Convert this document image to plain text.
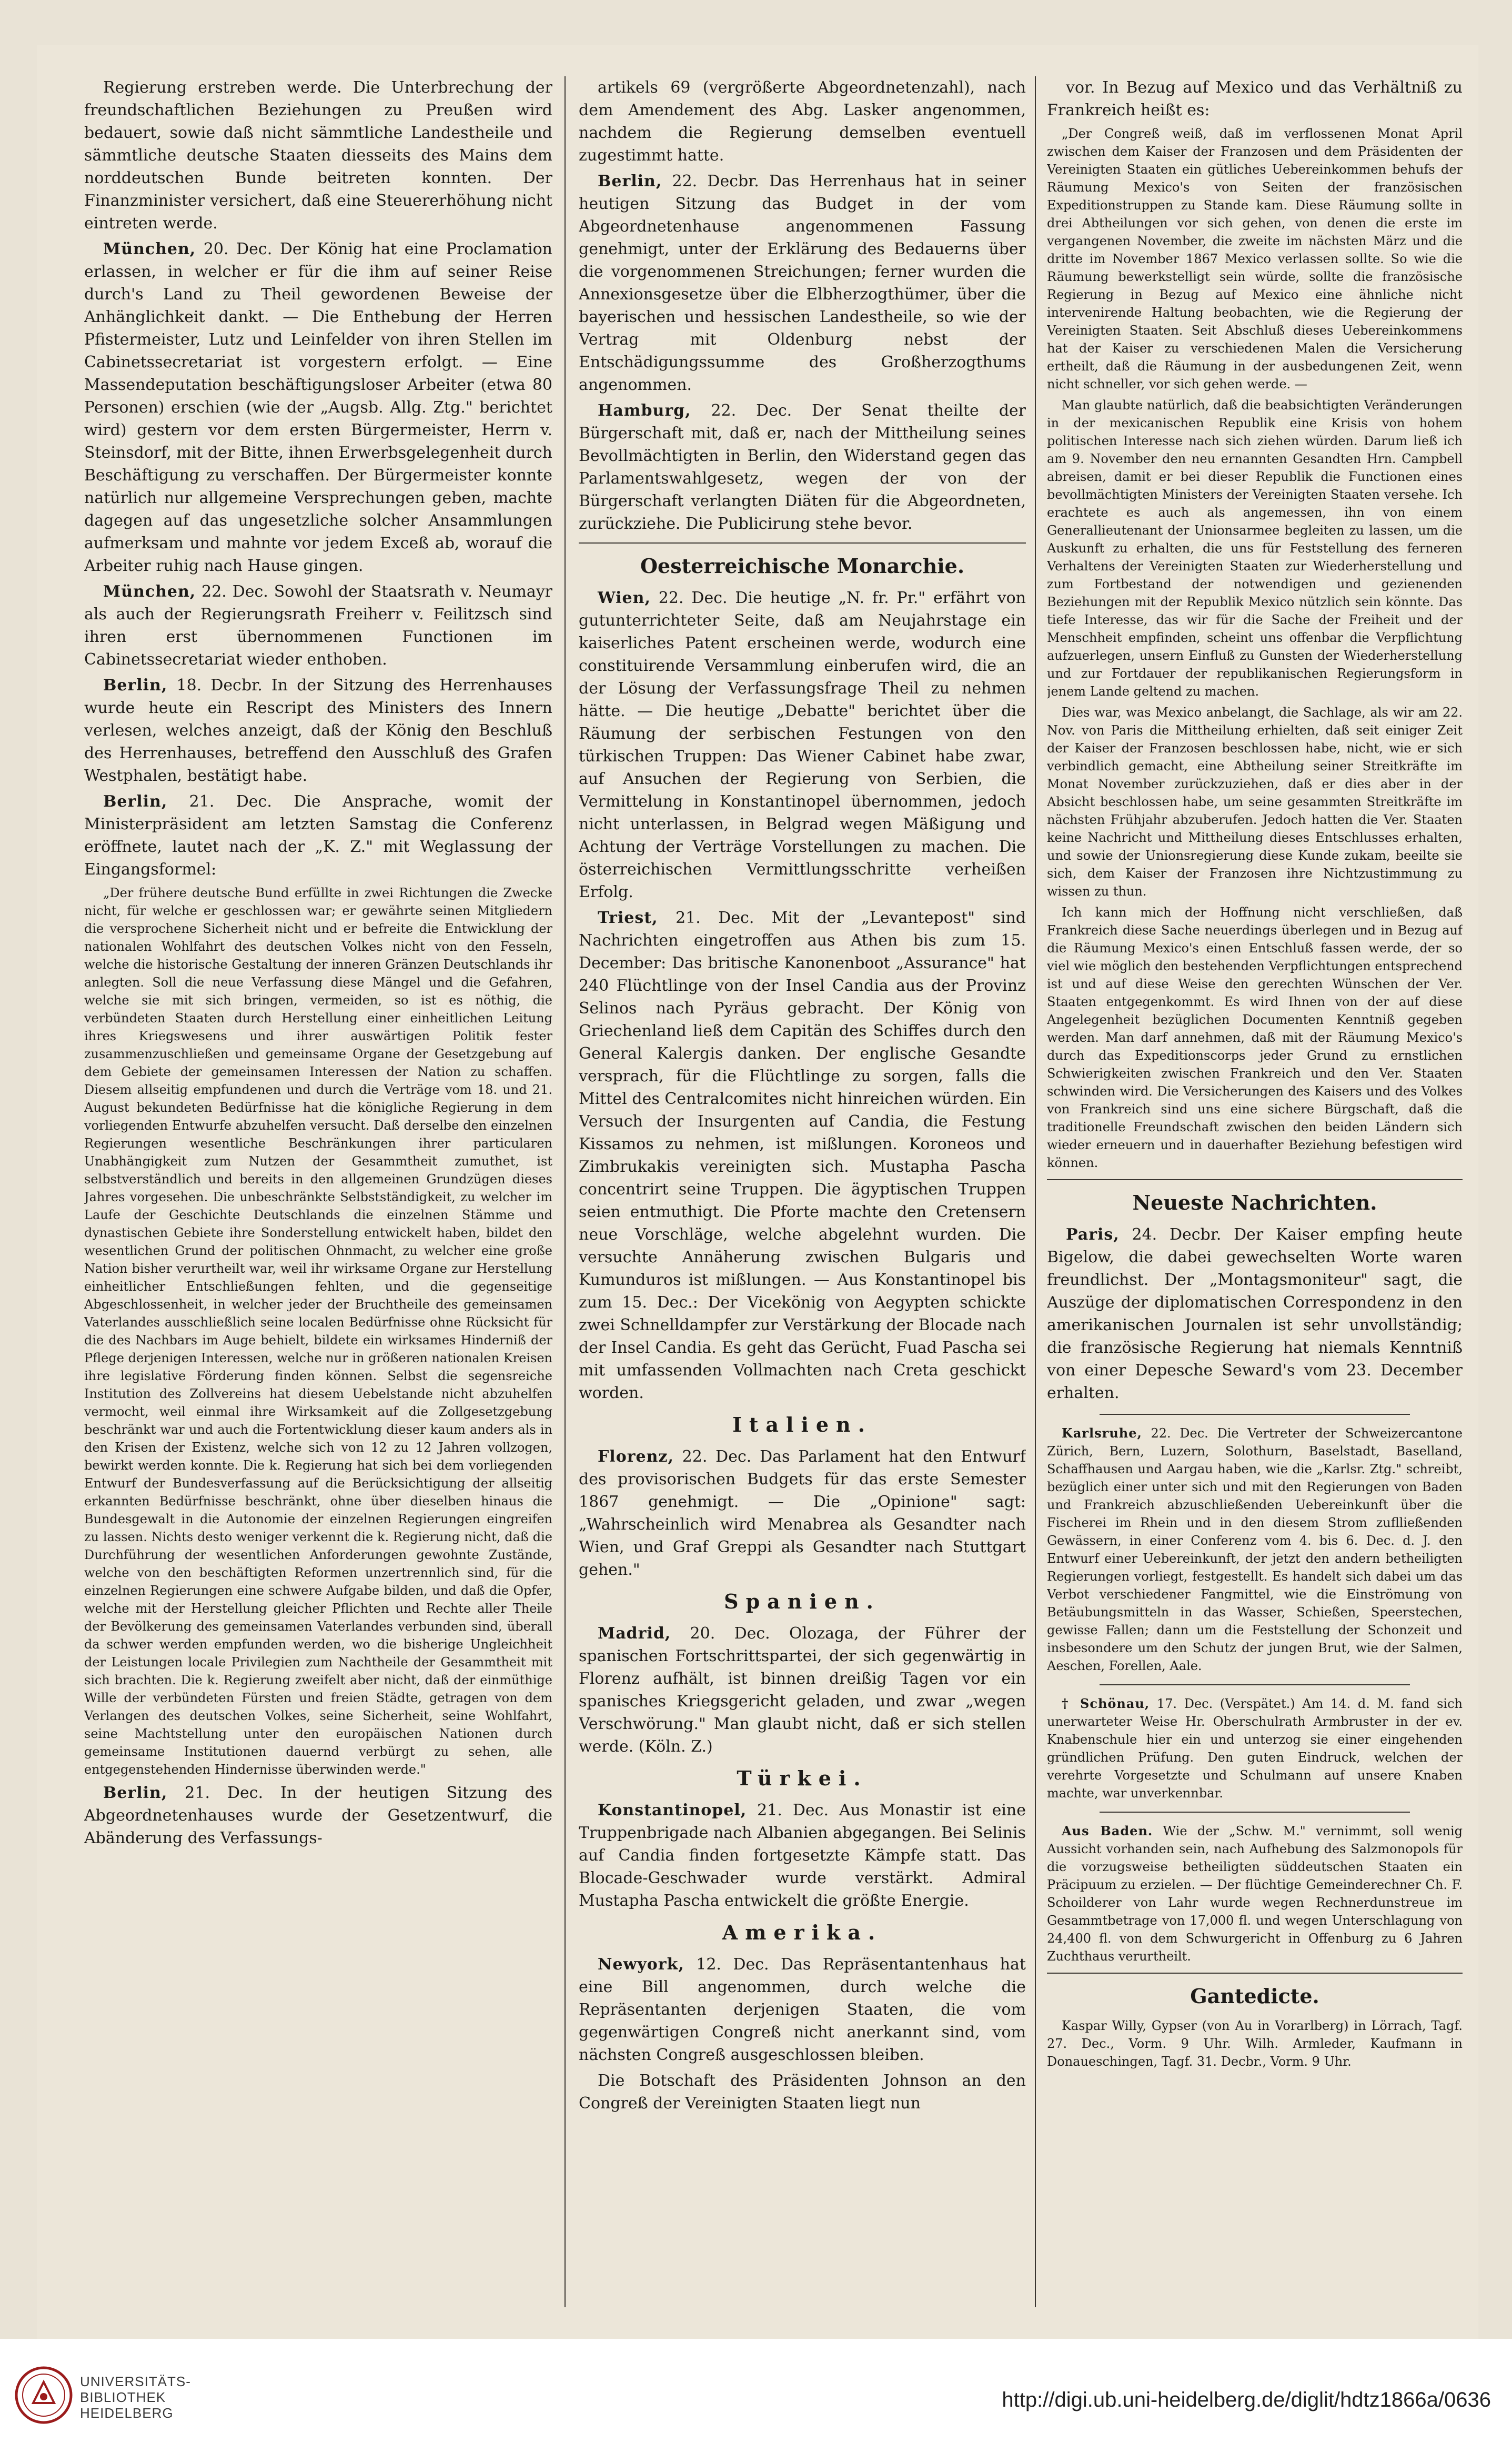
Regierung erstreben werde. Die Unterbrechung der freundschaftlichen Beziehungen zu Preußen wird bedauert, sowie daß nicht sämmtliche Landestheile und sämmtliche deutsche Staaten diesseits des Mains dem norddeutschen Bunde beitreten konnten. Der Finanzminister versichert, daß eine Steuererhöhung nicht eintreten werde.

München, 20. Dec. Der König hat eine Proclamation erlassen, in welcher er für die ihm auf seiner Reise durch's Land zu Theil gewordenen Beweise der Anhänglichkeit dankt. — Die Enthebung der Herren Pfistermeister, Lutz und Leinfelder von ihren Stellen im Cabinetssecretariat ist vorgestern erfolgt. — Eine Massendeputation beschäftigungsloser Arbeiter (etwa 80 Personen) erschien (wie der „Augsb. Allg. Ztg." berichtet wird) gestern vor dem ersten Bürgermeister, Herrn v. Steinsdorf, mit der Bitte, ihnen Erwerbsgelegenheit durch Beschäftigung zu verschaffen. Der Bürgermeister konnte natürlich nur allgemeine Versprechungen geben, machte dagegen auf das ungesetzliche solcher Ansammlungen aufmerksam und mahnte vor jedem Exceß ab, worauf die Arbeiter ruhig nach Hause gingen.

München, 22. Dec. Sowohl der Staatsrath v. Neumayr als auch der Regierungsrath Freiherr v. Feilitzsch sind ihren erst übernommenen Functionen im Cabinetssecretariat wieder enthoben.

Berlin, 18. Decbr. In der Sitzung des Herrenhauses wurde heute ein Rescript des Ministers des Innern verlesen, welches anzeigt, daß der König den Beschluß des Herrenhauses, betreffend den Ausschluß des Grafen Westphalen, bestätigt habe.

Berlin, 21. Dec. Die Ansprache, womit der Ministerpräsident am letzten Samstag die Conferenz eröffnete, lautet nach der „K. Z." mit Weglassung der Eingangsformel:

„Der frühere deutsche Bund erfüllte in zwei Richtungen die Zwecke nicht, für welche er geschlossen war; er gewährte seinen Mitgliedern die versprochene Sicherheit nicht und er befreite die Entwicklung der nationalen Wohlfahrt des deutschen Volkes nicht von den Fesseln, welche die historische Gestaltung der inneren Gränzen Deutschlands ihr anlegten. Soll die neue Verfassung diese Mängel und die Gefahren, welche sie mit sich bringen, vermeiden, so ist es nöthig, die verbündeten Staaten durch Herstellung einer einheitlichen Leitung ihres Kriegswesens und ihrer auswärtigen Politik fester zusammenzuschließen und gemeinsame Organe der Gesetzgebung auf dem Gebiete der gemeinsamen Interessen der Nation zu schaffen. Diesem allseitig empfundenen und durch die Verträge vom 18. und 21. August bekundeten Bedürfnisse hat die königliche Regierung in dem vorliegenden Entwurfe abzuhelfen versucht. Daß derselbe den einzelnen Regierungen wesentliche Beschränkungen ihrer particularen Unabhängigkeit zum Nutzen der Gesammtheit zumuthet, ist selbstverständlich und bereits in den allgemeinen Grundzügen dieses Jahres vorgesehen. Die unbeschränkte Selbstständigkeit, zu welcher im Laufe der Geschichte Deutschlands die einzelnen Stämme und dynastischen Gebiete ihre Sonderstellung entwickelt haben, bildet den wesentlichen Grund der politischen Ohnmacht, zu welcher eine große Nation bisher verurtheilt war, weil ihr wirksame Organe zur Herstellung einheitlicher Entschließungen fehlten, und die gegenseitige Abgeschlossenheit, in welcher jeder der Bruchtheile des gemeinsamen Vaterlandes ausschließlich seine localen Bedürfnisse ohne Rücksicht für die des Nachbars im Auge behielt, bildete ein wirksames Hinderniß der Pflege derjenigen Interessen, welche nur in größeren nationalen Kreisen ihre legislative Förderung finden können. Selbst die segensreiche Institution des Zollvereins hat diesem Uebelstande nicht abzuhelfen vermocht, weil einmal ihre Wirksamkeit auf die Zollgesetzgebung beschränkt war und auch die Fortentwicklung dieser kaum anders als in den Krisen der Existenz, welche sich von 12 zu 12 Jahren vollzogen, bewirkt werden konnte. Die k. Regierung hat sich bei dem vorliegenden Entwurf der Bundesverfassung auf die Berücksichtigung der allseitig erkannten Bedürfnisse beschränkt, ohne über dieselben hinaus die Bundesgewalt in die Autonomie der einzelnen Regierungen eingreifen zu lassen. Nichts desto weniger verkennt die k. Regierung nicht, daß die Durchführung der wesentlichen Anforderungen gewohnte Zustände, welche von den beschäftigten Reformen unzertrennlich sind, für die einzelnen Regierungen eine schwere Aufgabe bilden, und daß die Opfer, welche mit der Herstellung gleicher Pflichten und Rechte aller Theile der Bevölkerung des gemeinsamen Vaterlandes verbunden sind, überall da schwer werden empfunden werden, wo die bisherige Ungleichheit der Leistungen locale Privilegien zum Nachtheile der Gesammtheit mit sich brachten. Die k. Regierung zweifelt aber nicht, daß der einmüthige Wille der verbündeten Fürsten und freien Städte, getragen von dem Verlangen des deutschen Volkes, seine Sicherheit, seine Wohlfahrt, seine Machtstellung unter den europäischen Nationen durch gemeinsame Institutionen dauernd verbürgt zu sehen, alle entgegenstehenden Hindernisse überwinden werde."

Berlin, 21. Dec. In der heutigen Sitzung des Abgeordnetenhauses wurde der Gesetzentwurf, die Abänderung des Verfassungs-

artikels 69 (vergrößerte Abgeordnetenzahl), nach dem Amendement des Abg. Lasker angenommen, nachdem die Regierung demselben eventuell zugestimmt hatte.

Berlin, 22. Decbr. Das Herrenhaus hat in seiner heutigen Sitzung das Budget in der vom Abgeordnetenhause angenommenen Fassung genehmigt, unter der Erklärung des Bedauerns über die vorgenommenen Streichungen; ferner wurden die Annexionsgesetze über die Elbherzogthümer, über die bayerischen und hessischen Landestheile, so wie der Vertrag mit Oldenburg nebst der Entschädigungssumme des Großherzogthums angenommen.

Hamburg, 22. Dec. Der Senat theilte der Bürgerschaft mit, daß er, nach der Mittheilung seines Bevollmächtigten in Berlin, den Widerstand gegen das Parlamentswahlgesetz, wegen der von der Bürgerschaft verlangten Diäten für die Abgeordneten, zurückziehe. Die Publicirung stehe bevor.

Oesterreichische Monarchie.

Wien, 22. Dec. Die heutige „N. fr. Pr." erfährt von gutunterrichteter Seite, daß am Neujahrstage ein kaiserliches Patent erscheinen werde, wodurch eine constituirende Versammlung einberufen wird, die an der Lösung der Verfassungsfrage Theil zu nehmen hätte. — Die heutige „Debatte" berichtet über die Räumung der serbischen Festungen von den türkischen Truppen: Das Wiener Cabinet habe zwar, auf Ansuchen der Regierung von Serbien, die Vermittelung in Konstantinopel übernommen, jedoch nicht unterlassen, in Belgrad wegen Mäßigung und Achtung der Verträge Vorstellungen zu machen. Die österreichischen Vermittlungsschritte verheißen Erfolg.

Triest, 21. Dec. Mit der „Levantepost" sind Nachrichten eingetroffen aus Athen bis zum 15. December: Das britische Kanonenboot „Assurance" hat 240 Flüchtlinge von der Insel Candia aus der Provinz Selinos nach Pyräus gebracht. Der König von Griechenland ließ dem Capitän des Schiffes durch den General Kalergis danken. Der englische Gesandte versprach, für die Flüchtlinge zu sorgen, falls die Mittel des Centralcomites nicht hinreichen würden. Ein Versuch der Insurgenten auf Candia, die Festung Kissamos zu nehmen, ist mißlungen. Koroneos und Zimbrukakis vereinigten sich. Mustapha Pascha concentrirt seine Truppen. Die ägyptischen Truppen seien entmuthigt. Die Pforte machte den Cretensern neue Vorschläge, welche abgelehnt wurden. Die versuchte Annäherung zwischen Bulgaris und Kumunduros ist mißlungen. — Aus Konstantinopel bis zum 15. Dec.: Der Vicekönig von Aegypten schickte zwei Schnelldampfer zur Verstärkung der Blocade nach der Insel Candia. Es geht das Gerücht, Fuad Pascha sei mit umfassenden Vollmachten nach Creta geschickt worden.

Italien.

Florenz, 22. Dec. Das Parlament hat den Entwurf des provisorischen Budgets für das erste Semester 1867 genehmigt. — Die „Opinione" sagt: „Wahrscheinlich wird Menabrea als Gesandter nach Wien, und Graf Greppi als Gesandter nach Stuttgart gehen."

Spanien.

Madrid, 20. Dec. Olozaga, der Führer der spanischen Fortschrittspartei, der sich gegenwärtig in Florenz aufhält, ist binnen dreißig Tagen vor ein spanisches Kriegsgericht geladen, und zwar „wegen Verschwörung." Man glaubt nicht, daß er sich stellen werde. (Köln. Z.)

Türkei.

Konstantinopel, 21. Dec. Aus Monastir ist eine Truppenbrigade nach Albanien abgegangen. Bei Selinis auf Candia finden fortgesetzte Kämpfe statt. Das Blocade-Geschwader wurde verstärkt. Admiral Mustapha Pascha entwickelt die größte Energie.

Amerika.

Newyork, 12. Dec. Das Repräsentantenhaus hat eine Bill angenommen, durch welche die Repräsentanten derjenigen Staaten, die vom gegenwärtigen Congreß nicht anerkannt sind, vom nächsten Congreß ausgeschlossen bleiben.

Die Botschaft des Präsidenten Johnson an den Congreß der Vereinigten Staaten liegt nun

vor. In Bezug auf Mexico und das Verhältniß zu Frankreich heißt es:

„Der Congreß weiß, daß im verflossenen Monat April zwischen dem Kaiser der Franzosen und dem Präsidenten der Vereinigten Staaten ein gütliches Uebereinkommen behufs der Räumung Mexico's von Seiten der französischen Expeditionstruppen zu Stande kam. Diese Räumung sollte in drei Abtheilungen vor sich gehen, von denen die erste im vergangenen November, die zweite im nächsten März und die dritte im November 1867 Mexico verlassen sollte. So wie die Räumung bewerkstelligt sein würde, sollte die französische Regierung in Bezug auf Mexico eine ähnliche nicht intervenirende Haltung beobachten, wie die Regierung der Vereinigten Staaten. Seit Abschluß dieses Uebereinkommens hat der Kaiser zu verschiedenen Malen die Versicherung ertheilt, daß die Räumung in der ausbedungenen Zeit, wenn nicht schneller, vor sich gehen werde. —

Man glaubte natürlich, daß die beabsichtigten Veränderungen in der mexicanischen Republik eine Krisis von hohem politischen Interesse nach sich ziehen würden. Darum ließ ich am 9. November den neu ernannten Gesandten Hrn. Campbell abreisen, damit er bei dieser Republik die Functionen eines bevollmächtigten Ministers der Vereinigten Staaten versehe. Ich erachtete es auch als angemessen, ihn von einem Generallieutenant der Unionsarmee begleiten zu lassen, um die Auskunft zu erhalten, die uns für Feststellung des ferneren Verhaltens der Vereinigten Staaten zur Wiederherstellung und zum Fortbestand der notwendigen und gezienenden Beziehungen mit der Republik Mexico nützlich sein könnte. Das tiefe Interesse, das wir für die Sache der Freiheit und der Menschheit empfinden, scheint uns offenbar die Verpflichtung aufzuerlegen, unsern Einfluß zu Gunsten der Wiederherstellung und zur Fortdauer der republikanischen Regierungsform in jenem Lande geltend zu machen.

Dies war, was Mexico anbelangt, die Sachlage, als wir am 22. Nov. von Paris die Mittheilung erhielten, daß seit einiger Zeit der Kaiser der Franzosen beschlossen habe, nicht, wie er sich verbindlich gemacht, eine Abtheilung seiner Streitkräfte im Monat November zurückzuziehen, daß er dies aber in der Absicht beschlossen habe, um seine gesammten Streitkräfte im nächsten Frühjahr abzuberufen. Jedoch hatten die Ver. Staaten keine Nachricht und Mittheilung dieses Entschlusses erhalten, und sowie der Unionsregierung diese Kunde zukam, beeilte sie sich, dem Kaiser der Franzosen ihre Nichtzustimmung zu wissen zu thun.

Ich kann mich der Hoffnung nicht verschließen, daß Frankreich diese Sache neuerdings überlegen und in Bezug auf die Räumung Mexico's einen Entschluß fassen werde, der so viel wie möglich den bestehenden Verpflichtungen entsprechend ist und auf diese Weise den gerechten Wünschen der Ver. Staaten entgegenkommt. Es wird Ihnen von der auf diese Angelegenheit bezüglichen Documenten Kenntniß gegeben werden. Man darf annehmen, daß mit der Räumung Mexico's durch das Expeditionscorps jeder Grund zu ernstlichen Schwierigkeiten zwischen Frankreich und den Ver. Staaten schwinden wird. Die Versicherungen des Kaisers und des Volkes von Frankreich sind uns eine sichere Bürgschaft, daß die traditionelle Freundschaft zwischen den beiden Ländern sich wieder erneuern und in dauerhafter Beziehung befestigen wird können.

Neueste Nachrichten.

Paris, 24. Decbr. Der Kaiser empfing heute Bigelow, die dabei gewechselten Worte waren freundlichst. Der „Montagsmoniteur" sagt, die Auszüge der diplomatischen Correspondenz in den amerikanischen Journalen ist sehr unvollständig; die französische Regierung hat niemals Kenntniß von einer Depesche Seward's vom 23. December erhalten.

Karlsruhe, 22. Dec. Die Vertreter der Schweizercantone Zürich, Bern, Luzern, Solothurn, Baselstadt, Baselland, Schaffhausen und Aargau haben, wie die „Karlsr. Ztg." schreibt, bezüglich einer unter sich und mit den Regierungen von Baden und Frankreich abzuschließenden Uebereinkunft über die Fischerei im Rhein und in den diesem Strom zuflließenden Gewässern, in einer Conferenz vom 4. bis 6. Dec. d. J. den Entwurf einer Uebereinkunft, der jetzt den andern betheiligten Regierungen vorliegt, festgestellt. Es handelt sich dabei um das Verbot verschiedener Fangmittel, wie die Einströmung von Betäubungsmitteln in das Wasser, Schießen, Speerstechen, gewisse Fallen; dann um die Feststellung der Schonzeit und insbesondere um den Schutz der jungen Brut, wie der Salmen, Aeschen, Forellen, Aale.

† Schönau, 17. Dec. (Verspätet.) Am 14. d. M. fand sich unerwarteter Weise Hr. Oberschulrath Armbruster in der ev. Knabenschule hier ein und unterzog sie einer eingehenden gründlichen Prüfung. Den guten Eindruck, welchen der verehrte Vorgesetzte und Schulmann auf unsere Knaben machte, war unverkennbar.

Aus Baden. Wie der „Schw. M." vernimmt, soll wenig Aussicht vorhanden sein, nach Aufhebung des Salzmonopols für die vorzugsweise betheiligten süddeutschen Staaten ein Präcipuum zu erzielen. — Der flüchtige Gemeinderechner Ch. F. Schoilderer von Lahr wurde wegen Rechnerdunstreue im Gesammtbetrage von 17,000 fl. und wegen Unterschlagung von 24,400 fl. von dem Schwurgericht in Offenburg zu 6 Jahren Zuchthaus verurtheilt.

Gantedicte.

Kaspar Willy, Gypser (von Au in Vorarlberg) in Lörrach, Tagf. 27. Dec., Vorm. 9 Uhr. Wilh. Armleder, Kaufmann in Donaueschingen, Tagf. 31. Decbr., Vorm. 9 Uhr.

UNIVERSITÄTS-
BIBLIOTHEK
HEIDELBERG
http://digi.ub.uni-heidelberg.de/diglit/hdtz1866a/0636
